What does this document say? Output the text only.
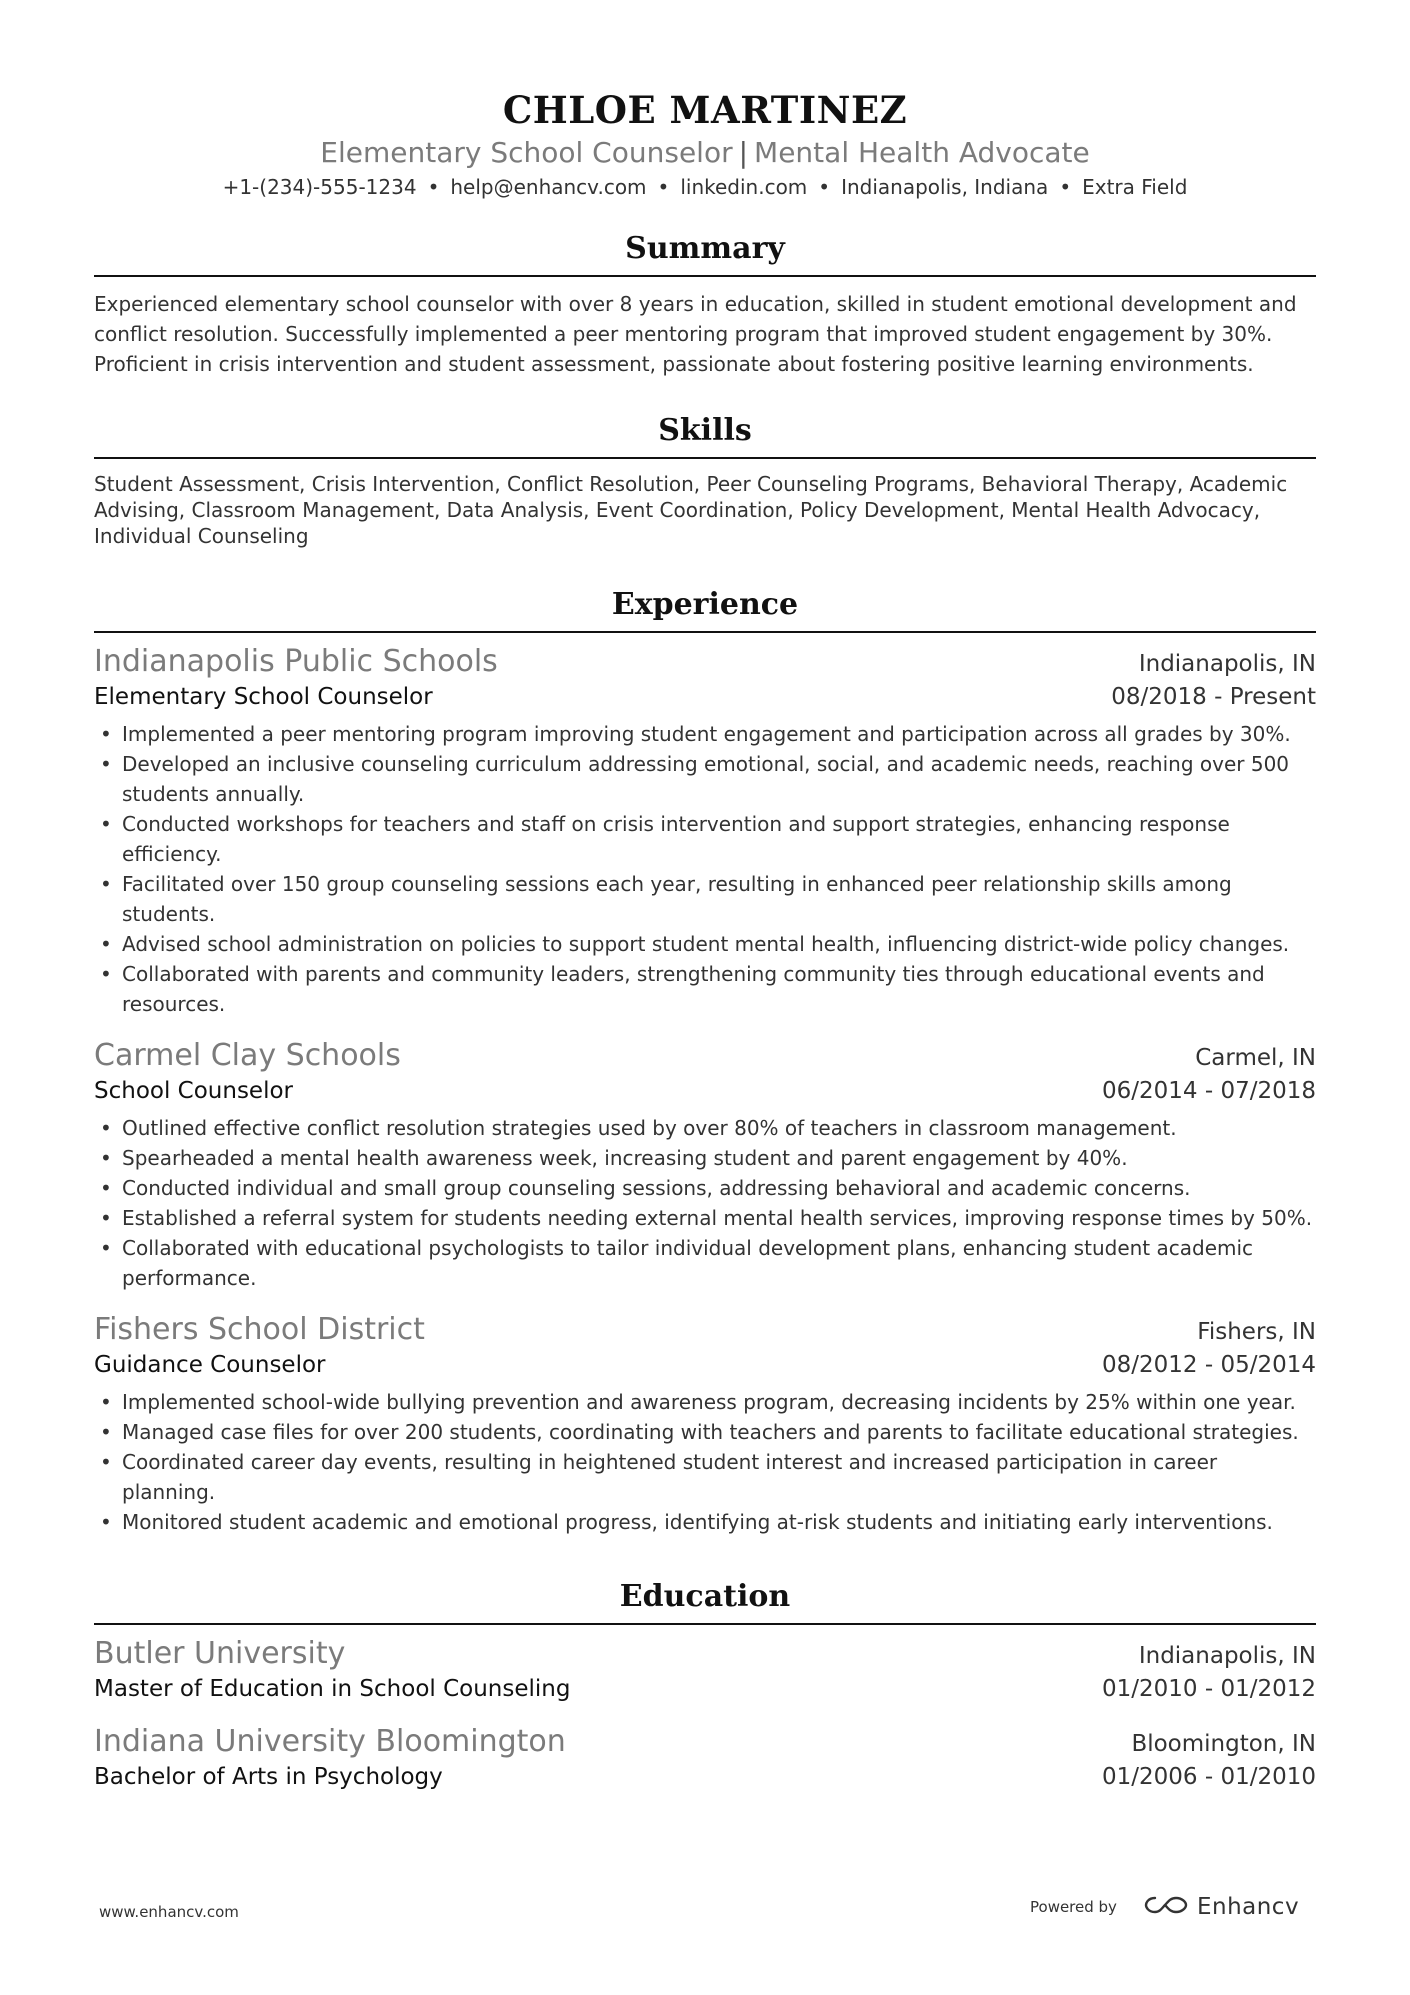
CHLOE MARTINEZ
Elementary School Counselor | Mental Health Advocate
+1-(234)-555-1234 • help@enhancv.com • linkedin.com • Indianapolis, Indiana • Extra Field
Summary
Experienced elementary school counselor with over 8 years in education, skilled in student emotional development and conflict resolution. Successfully implemented a peer mentoring program that improved student engagement by 30%. Proficient in crisis intervention and student assessment, passionate about fostering positive learning environments.
Skills
Student Assessment, Crisis Intervention, Conflict Resolution, Peer Counseling Programs, Behavioral Therapy, Academic Advising, Classroom Management, Data Analysis, Event Coordination, Policy Development, Mental Health Advocacy, Individual Counseling
Experience
Indianapolis Public Schools	Indianapolis, IN
Elementary School Counselor	08/2018 - Present
• Implemented a peer mentoring program improving student engagement and participation across all grades by 30%.
• Developed an inclusive counseling curriculum addressing emotional, social, and academic needs, reaching over 500 students annually.
• Conducted workshops for teachers and staff on crisis intervention and support strategies, enhancing response efficiency.
• Facilitated over 150 group counseling sessions each year, resulting in enhanced peer relationship skills among students.
• Advised school administration on policies to support student mental health, influencing district-wide policy changes.
• Collaborated with parents and community leaders, strengthening community ties through educational events and resources.
Carmel Clay Schools	Carmel, IN
School Counselor	06/2014 - 07/2018
• Outlined effective conflict resolution strategies used by over 80% of teachers in classroom management.
• Spearheaded a mental health awareness week, increasing student and parent engagement by 40%.
• Conducted individual and small group counseling sessions, addressing behavioral and academic concerns.
• Established a referral system for students needing external mental health services, improving response times by 50%.
• Collaborated with educational psychologists to tailor individual development plans, enhancing student academic performance.
Fishers School District	Fishers, IN
Guidance Counselor	08/2012 - 05/2014
• Implemented school-wide bullying prevention and awareness program, decreasing incidents by 25% within one year.
• Managed case files for over 200 students, coordinating with teachers and parents to facilitate educational strategies.
• Coordinated career day events, resulting in heightened student interest and increased participation in career planning.
• Monitored student academic and emotional progress, identifying at-risk students and initiating early interventions.
Education
Butler University	Indianapolis, IN
Master of Education in School Counseling	01/2010 - 01/2012
Indiana University Bloomington	Bloomington, IN
Bachelor of Arts in Psychology	01/2006 - 01/2010
www.enhancv.com	Powered by	Enhancv
